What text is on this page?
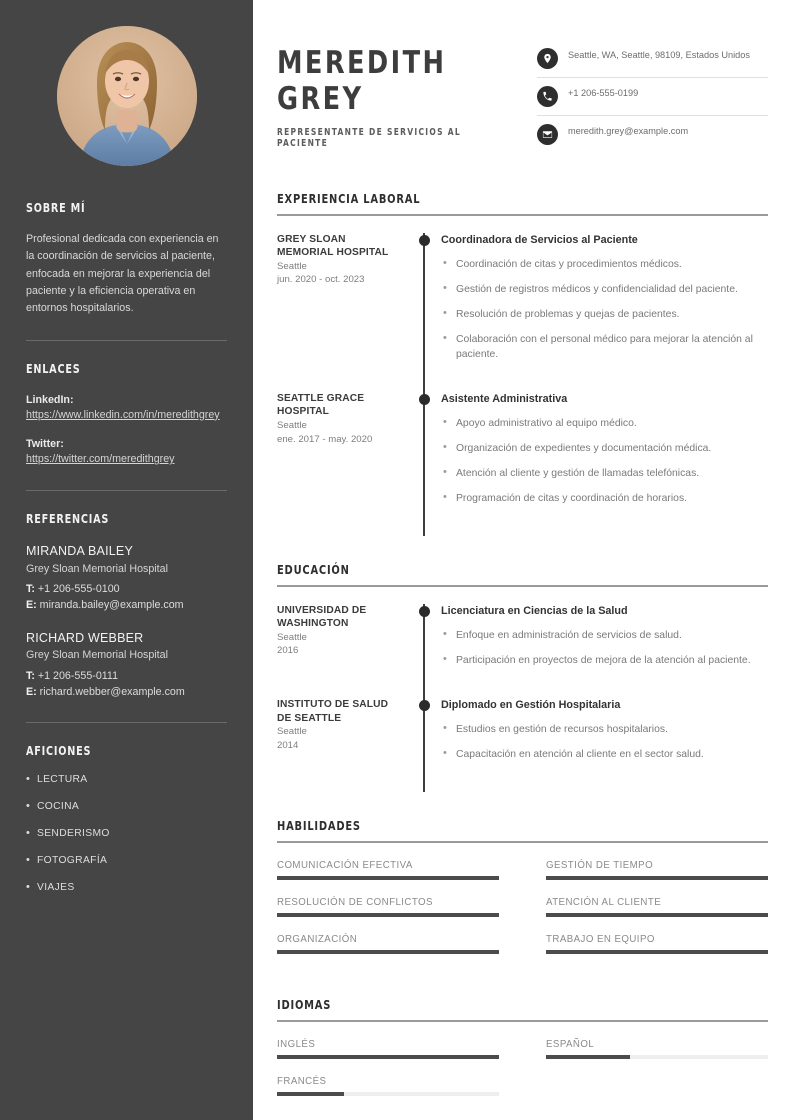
SOBRE MÍ
Profesional dedicada con experiencia en la coordinación de servicios al paciente, enfocada en mejorar la experiencia del paciente y la eficiencia operativa en entornos hospitalarios.
ENLACES
LinkedIn:
https://www.linkedin.com/in/meredithgrey
Twitter:
https://twitter.com/meredithgrey
REFERENCIAS
MIRANDA BAILEY
Grey Sloan Memorial Hospital
T: +1 206-555-0100
E: miranda.bailey@example.com
RICHARD WEBBER
Grey Sloan Memorial Hospital
T: +1 206-555-0111
E: richard.webber@example.com
AFICIONES
• LECTURA
• COCINA
• SENDERISMO
• FOTOGRAFÍA
• VIAJES
MEREDITH
GREY
REPRESENTANTE DE SERVICIOS AL PACIENTE
Seattle, WA, Seattle, 98109, Estados Unidos
+1 206-555-0199
meredith.grey@example.com
EXPERIENCIA LABORAL
GREY SLOAN MEMORIAL HOSPITAL
Seattle
jun. 2020 - oct. 2023
Coordinadora de Servicios al Paciente
• Coordinación de citas y procedimientos médicos.
• Gestión de registros médicos y confidencialidad del paciente.
• Resolución de problemas y quejas de pacientes.
• Colaboración con el personal médico para mejorar la atención al paciente.
SEATTLE GRACE HOSPITAL
Seattle
ene. 2017 - may. 2020
Asistente Administrativa
• Apoyo administrativo al equipo médico.
• Organización de expedientes y documentación médica.
• Atención al cliente y gestión de llamadas telefónicas.
• Programación de citas y coordinación de horarios.
EDUCACIÓN
UNIVERSIDAD DE WASHINGTON
Seattle
2016
Licenciatura en Ciencias de la Salud
• Enfoque en administración de servicios de salud.
• Participación en proyectos de mejora de la atención al paciente.
INSTITUTO DE SALUD DE SEATTLE
Seattle
2014
Diplomado en Gestión Hospitalaria
• Estudios en gestión de recursos hospitalarios.
• Capacitación en atención al cliente en el sector salud.
HABILIDADES
COMUNICACIÓN EFECTIVA	GESTIÓN DE TIEMPO
RESOLUCIÓN DE CONFLICTOS	ATENCIÓN AL CLIENTE
ORGANIZACIÓN	TRABAJO EN EQUIPO
IDIOMAS
INGLÉS	ESPAÑOL
FRANCÉS
